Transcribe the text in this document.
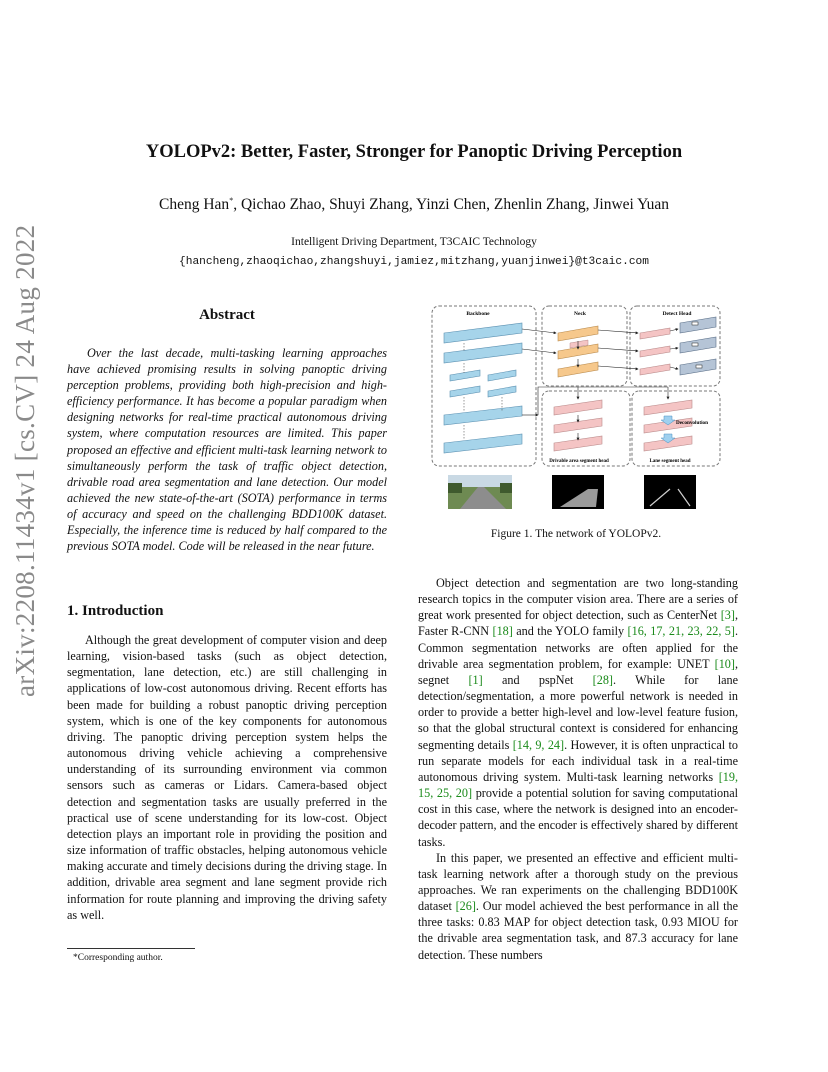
arXiv:2208.11434v1 [cs.CV] 24 Aug 2022
YOLOPv2: Better, Faster, Stronger for Panoptic Driving Perception
Cheng Han*, Qichao Zhao, Shuyi Zhang, Yinzi Chen, Zhenlin Zhang, Jinwei Yuan
Intelligent Driving Department, T3CAIC Technology
{hancheng,zhaoqichao,zhangshuyi,jamiez,mitzhang,yuanjinwei}@t3caic.com
Abstract

Over the last decade, multi-tasking learning approaches have achieved promising results in solving panoptic driving perception problems, providing both high-precision and high-efficiency performance. It has become a popular paradigm when designing networks for real-time practical autonomous driving system, where computation resources are limited. This paper proposed an effective and efficient multi-task learning network to simultaneously perform the task of traffic object detection, drivable road area segmentation and lane detection. Our model achieved the new state-of-the-art (SOTA) performance in terms of accuracy and speed on the challenging BDD100K dataset. Especially, the inference time is reduced by half compared to the previous SOTA model. Code will be released in the near future.

1. Introduction

Although the great development of computer vision and deep learning, vision-based tasks (such as object detection, segmentation, lane detection, etc.) are still challenging in applications of low-cost autonomous driving. Recent efforts has been made for building a robust panoptic driving perception system, which is one of the key components for autonomous driving. The panoptic driving perception system helps the autonomous driving vehicle achieving a comprehensive understanding of its surrounding environment via common sensors such as cameras or Lidars. Camera-based object detection and segmentation tasks are usually preferred in the practical use of scene understanding for its low-cost. Object detection plays an important role in providing the position and size information of traffic obstacles, helping autonomous vehicle making accurate and timely decisions during the driving stage. In addition, drivable area segment and lane segment provide rich information for route planning and improving the driving safety as well.

*Corresponding author.
Backbone	Neck	Detect Head
Deconvolution
Drivable area segment head	Lane segment head
Figure 1. The network of YOLOPv2.

Object detection and segmentation are two long-standing research topics in the computer vision area. There are a series of great work presented for object detection, such as CenterNet [3], Faster R-CNN [18] and the YOLO family [16, 17, 21, 23, 22, 5]. Common segmentation networks are often applied for the drivable area segmentation problem, for example: UNET [10], segnet [1] and pspNet [28]. While for lane detection/segmentation, a more powerful network is needed in order to provide a better high-level and low-level feature fusion, so that the global structural context is considered for enhancing segmenting details [14, 9, 24]. However, it is often unpractical to run separate models for each individual task in a real-time autonomous driving system. Multi-task learning networks [19, 15, 25, 20] provide a potential solution for saving computational cost in this case, where the network is designed into an encoder-decoder pattern, and the encoder is effectively shared by different tasks.

In this paper, we presented an effective and efficient multi-task learning network after a thorough study on the previous approaches. We ran experiments on the challenging BDD100K dataset [26]. Our model achieved the best performance in all the three tasks: 0.83 MAP for object detection task, 0.93 MIOU for the drivable area segmentation task, and 87.3 accuracy for lane detection. These numbers
